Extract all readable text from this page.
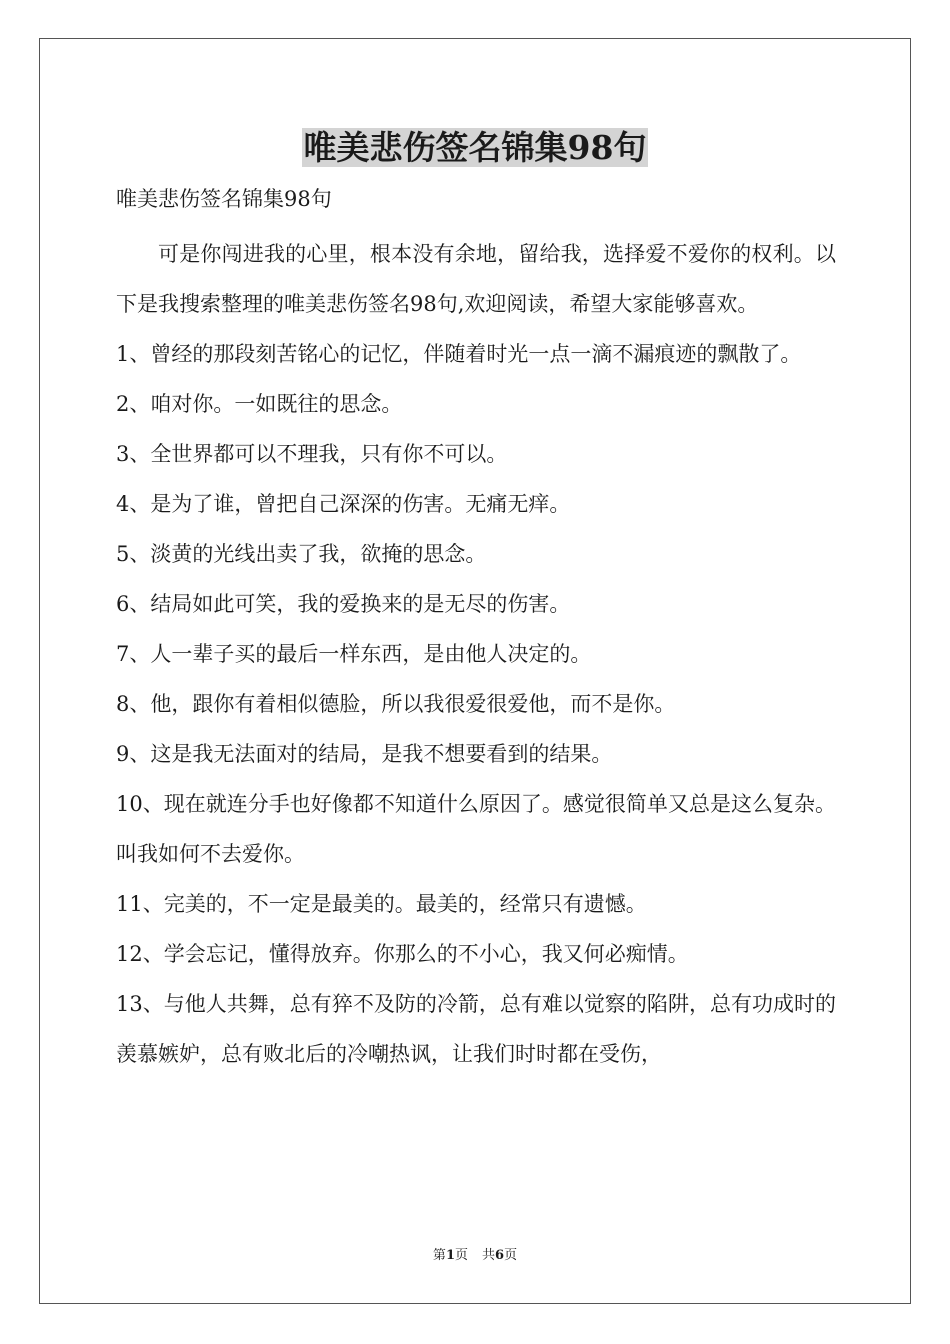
唯美悲伤签名锦集98句
唯美悲伤签名锦集98句

可是你闯进我的心里，根本没有余地，留给我，选择爱不爱你的权利。以下是我搜索整理的唯美悲伤签名98句,欢迎阅读，希望大家能够喜欢。

1、曾经的那段刻苦铭心的记忆，伴随着时光一点一滴不漏痕迹的飘散了。

2、咱对你。一如既往的思念。

3、全世界都可以不理我，只有你不可以。

4、是为了谁，曾把自己深深的伤害。无痛无痒。

5、淡黄的光线出卖了我，欲掩的思念。

6、结局如此可笑，我的爱换来的是无尽的伤害。

7、人一辈子买的最后一样东西，是由他人决定的。

8、他，跟你有着相似德脸，所以我很爱很爱他，而不是你。

9、这是我无法面对的结局，是我不想要看到的结果。

10、现在就连分手也好像都不知道什么原因了。感觉很简单又总是这么复杂。叫我如何不去爱你。

11、完美的，不一定是最美的。最美的，经常只有遗憾。

12、学会忘记，懂得放弃。你那么的不小心，我又何必痴情。

13、与他人共舞，总有猝不及防的冷箭，总有难以觉察的陷阱，总有功成时的羡慕嫉妒，总有败北后的冷嘲热讽，让我们时时都在受伤，

第1页 共6页
